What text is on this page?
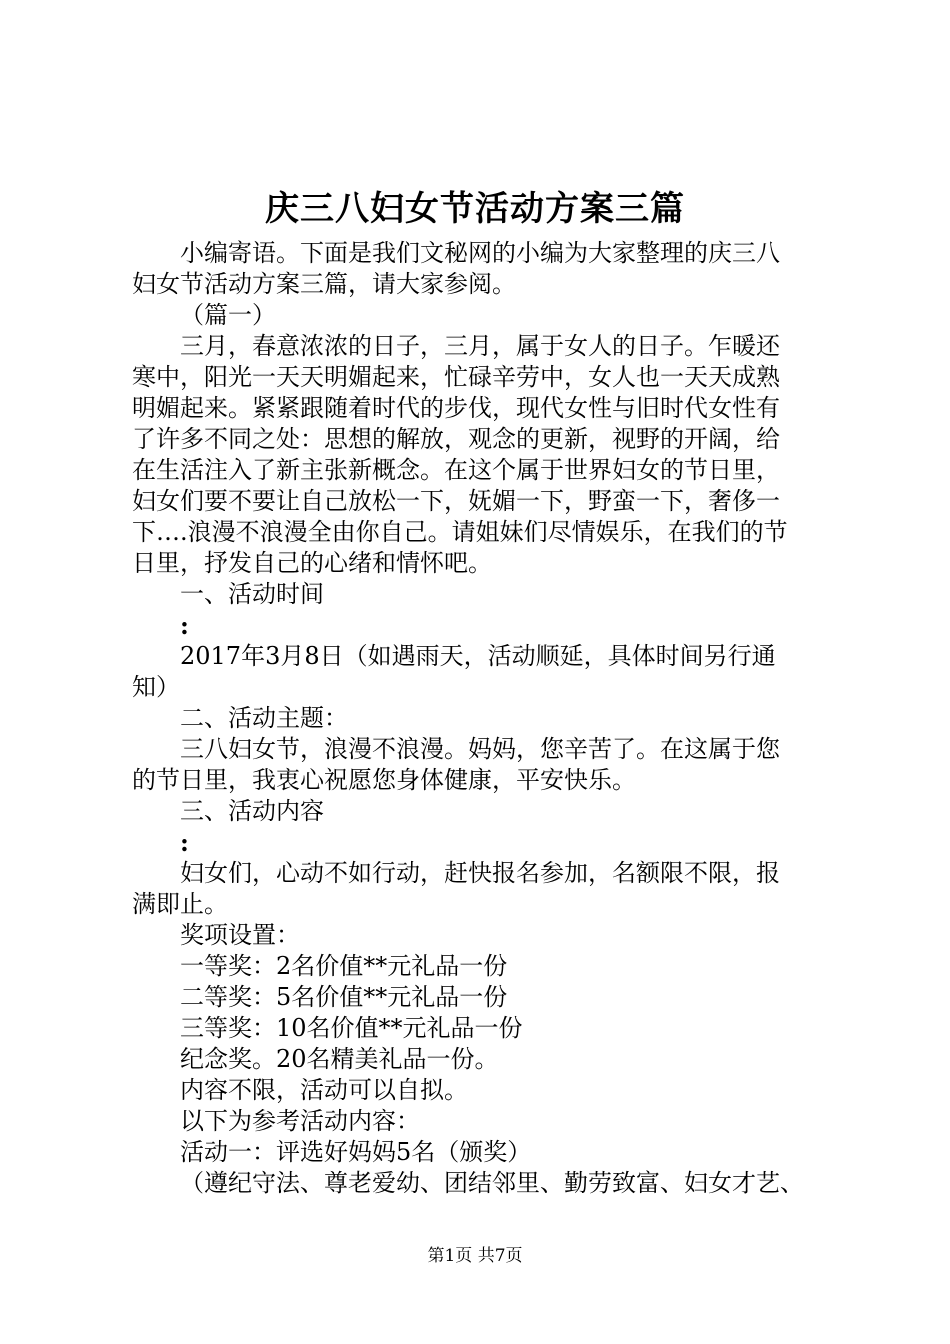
庆三八妇女节活动方案三篇
小编寄语。下面是我们文秘网的小编为大家整理的庆三八
妇女节活动方案三篇，请大家参阅。
（篇一）
三月，春意浓浓的日子，三月，属于女人的日子。乍暖还
寒中，阳光一天天明媚起来，忙碌辛劳中，女人也一天天成熟
明媚起来。紧紧跟随着时代的步伐，现代女性与旧时代女性有
了许多不同之处：思想的解放，观念的更新，视野的开阔，给
在生活注入了新主张新概念。在这个属于世界妇女的节日里，
妇女们要不要让自己放松一下，妩媚一下，野蛮一下，奢侈一
下….浪漫不浪漫全由你自己。请姐妹们尽情娱乐，在我们的节
日里，抒发自己的心绪和情怀吧。
一、活动时间
:
2017年3月8日（如遇雨天，活动顺延，具体时间另行通
知）
二、活动主题：
三八妇女节，浪漫不浪漫。妈妈，您辛苦了。在这属于您
的节日里，我衷心祝愿您身体健康，平安快乐。
三、活动内容
:
妇女们，心动不如行动，赶快报名参加，名额限不限，报
满即止。
奖项设置：
一等奖：2名价值**元礼品一份
二等奖：5名价值**元礼品一份
三等奖：10名价值**元礼品一份
纪念奖。20名精美礼品一份。
内容不限，活动可以自拟。
以下为参考活动内容：
活动一：评选好妈妈5名（颁奖）
（遵纪守法、尊老爱幼、团结邻里、勤劳致富、妇女才艺、
第1页 共7页
